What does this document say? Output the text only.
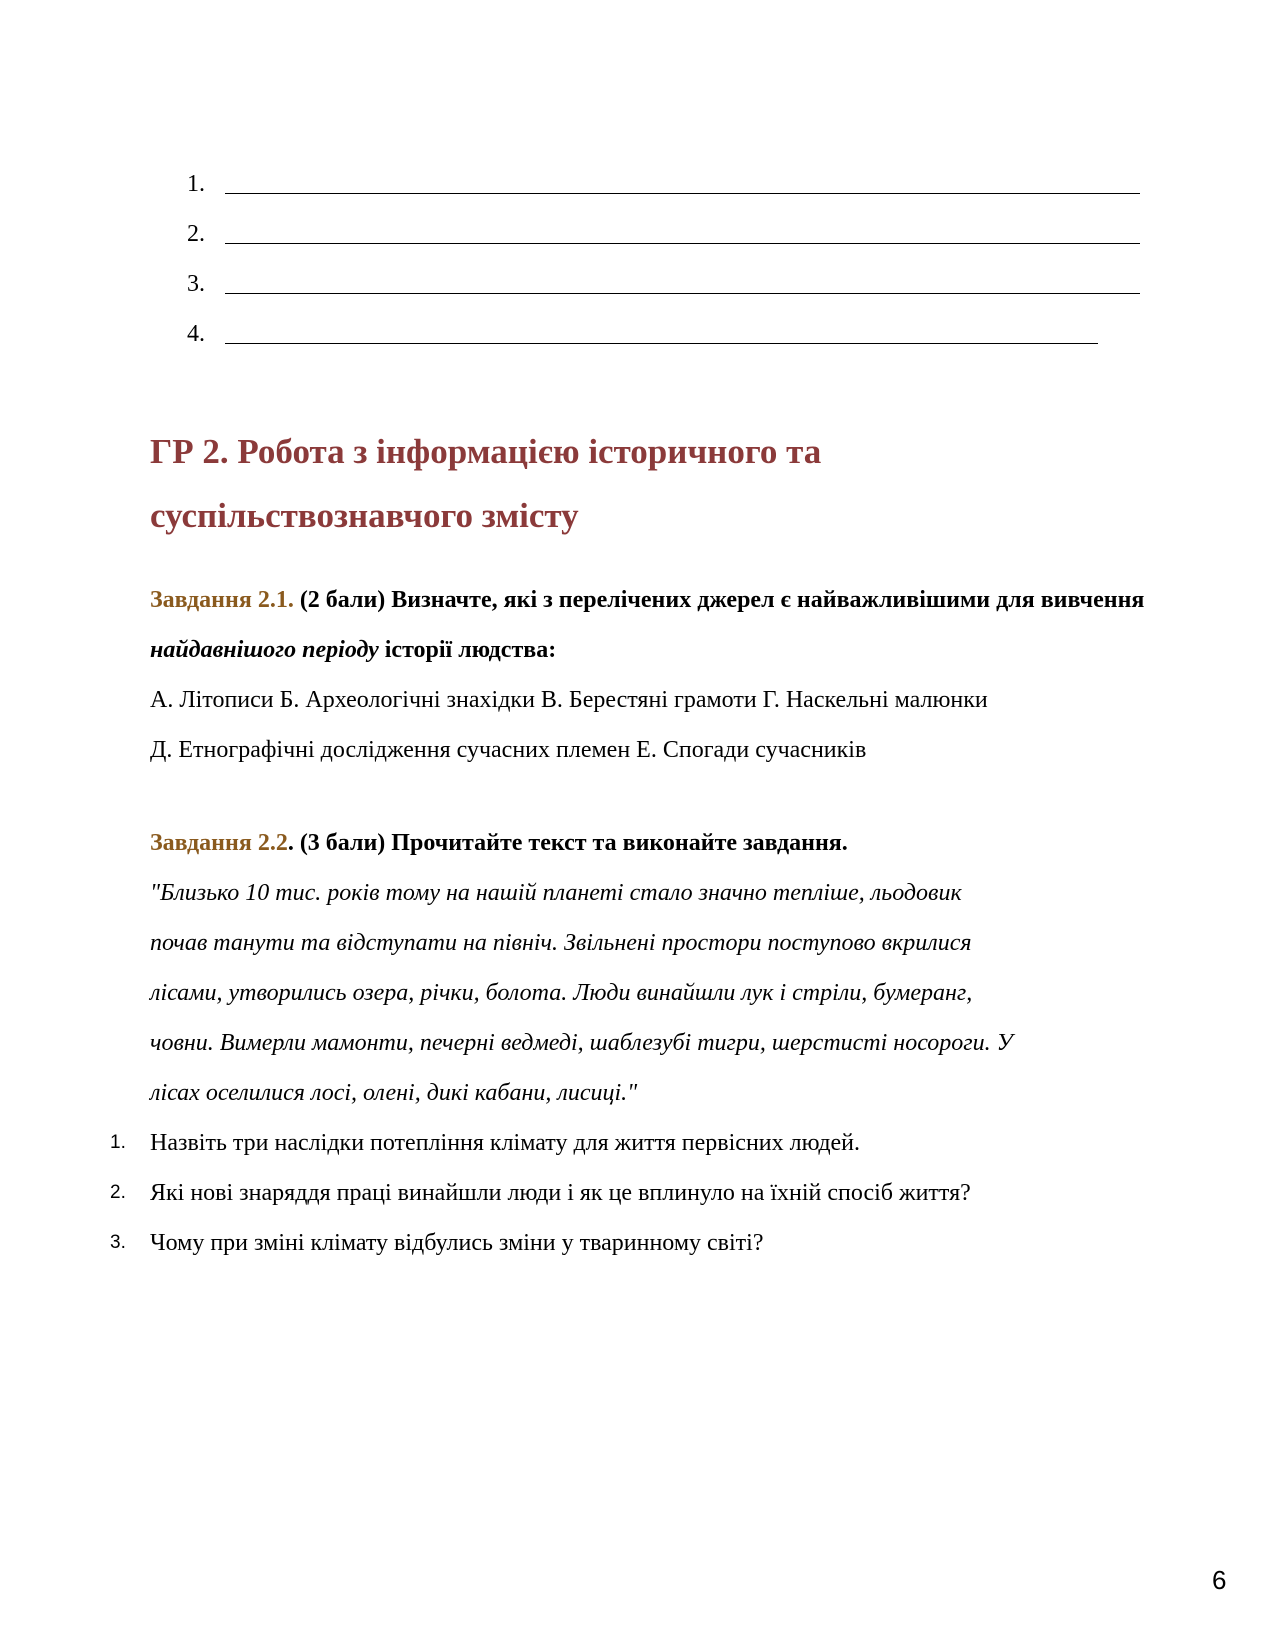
1.
2.
3.
4.
ГР 2. Робота з інформацією історичного та
суспільствознавчого змісту
Завдання 2.1. (2 бали) Визначте, які з перелічених джерел є найважливішими для вивчення найдавнішого періоду історії людства:

А. Літописи Б. Археологічні знахідки В. Берестяні грамоти Г. Наскельні малюнки

Д. Етнографічні дослідження сучасних племен Е. Спогади сучасників

Завдання 2.2. (3 бали) Прочитайте текст та виконайте завдання.

"Близько 10 тис. років тому на нашій планеті стало значно тепліше, льодовик

почав танути та відступати на північ. Звільнені простори поступово вкрилися

лісами, утворились озера, річки, болота. Люди винайшли лук і стріли, бумеранг,

човни. Вимерли мамонти, печерні ведмеді, шаблезубі тигри, шерстисті носороги. У

лісах оселилися лосі, олені, дикі кабани, лисиці."

1.	Назвіть три наслідки потепління клімату для життя первісних людей.
2.	Які нові знаряддя праці винайшли люди і як це вплинуло на їхній спосіб життя?
3.	Чому при зміні клімату відбулись зміни у тваринному світі?
6
